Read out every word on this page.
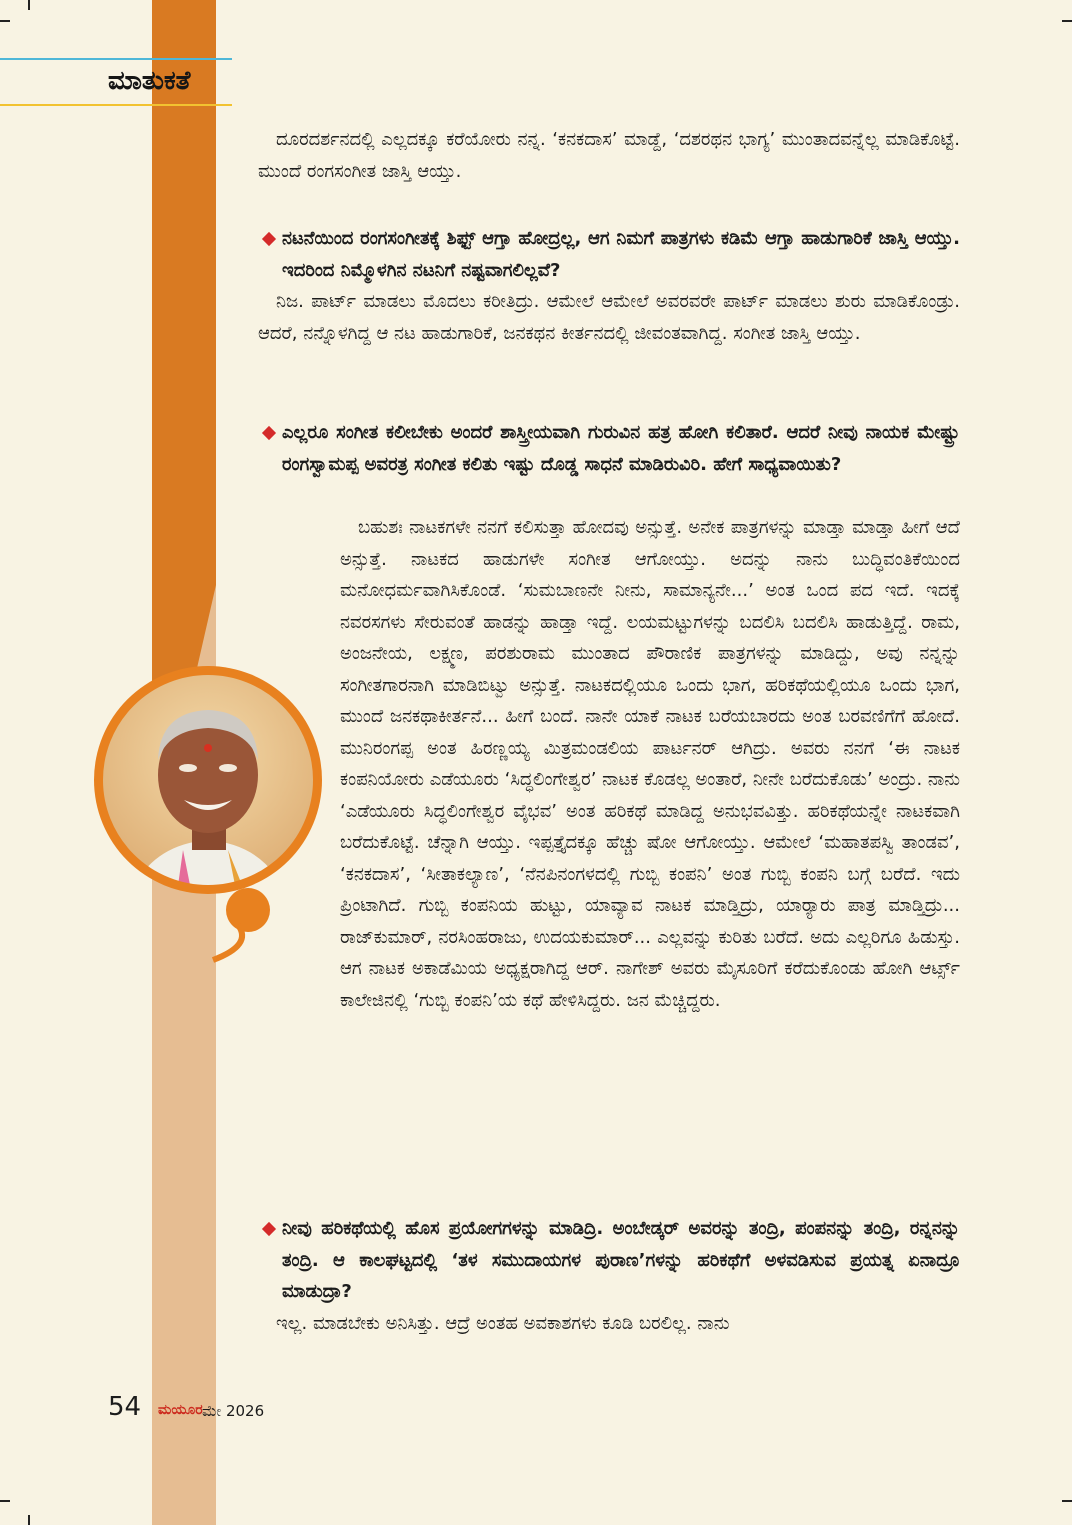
ಮಾತುಕತೆ

ದೂರದರ್ಶನದಲ್ಲಿ ಎಲ್ಲದಕ್ಕೂ ಕರೆಯೋರು ನನ್ನ. ‘ಕನಕದಾಸ’ ಮಾಡ್ದೆ, ‘ದಶರಥನ ಭಾಗ್ಯ’ ಮುಂತಾದವನ್ನೆಲ್ಲ ಮಾಡಿಕೊಟ್ಟೆ. ಮುಂದೆ ರಂಗಸಂಗೀತ ಜಾಸ್ತಿ ಆಯ್ತು.

ನಟನೆಯಿಂದ ರಂಗಸಂಗೀತಕ್ಕೆ ಶಿಫ್ಟ್ ಆಗ್ತಾ ಹೋದ್ರಲ್ಲ, ಆಗ ನಿಮಗೆ ಪಾತ್ರಗಳು ಕಡಿಮೆ ಆಗ್ತಾ ಹಾಡುಗಾರಿಕೆ ಜಾಸ್ತಿ ಆಯ್ತು. ಇದರಿಂದ ನಿಮ್ಮೊಳಗಿನ ನಟನಿಗೆ ನಷ್ಟವಾಗಲಿಲ್ಲವೆ?

ನಿಜ. ಪಾರ್ಟ್ ಮಾಡಲು ಮೊದಲು ಕರೀತಿದ್ರು. ಆಮೇಲೆ ಆಮೇಲೆ ಅವರವರೇ ಪಾರ್ಟ್ ಮಾಡಲು ಶುರು ಮಾಡಿಕೊಂಡ್ರು. ಆದರೆ, ನನ್ನೊಳಗಿದ್ದ ಆ ನಟ ಹಾಡುಗಾರಿಕೆ, ಜನಕಥನ ಕೀರ್ತನದಲ್ಲಿ ಜೀವಂತವಾಗಿದ್ದ. ಸಂಗೀತ ಜಾಸ್ತಿ ಆಯ್ತು.

ಎಲ್ಲರೂ ಸಂಗೀತ ಕಲೀಬೇಕು ಅಂದರೆ ಶಾಸ್ತ್ರೀಯವಾಗಿ ಗುರುವಿನ ಹತ್ರ ಹೋಗಿ ಕಲಿತಾರೆ. ಆದರೆ ನೀವು ನಾಯಕ ಮೇಷ್ಟ್ರು ರಂಗಸ್ವಾಮಪ್ಪ ಅವರತ್ರ ಸಂಗೀತ ಕಲಿತು ಇಷ್ಟು ದೊಡ್ಡ ಸಾಧನೆ ಮಾಡಿರುವಿರಿ. ಹೇಗೆ ಸಾಧ್ಯವಾಯಿತು?

ಬಹುಶಃ ನಾಟಕಗಳೇ ನನಗೆ ಕಲಿಸುತ್ತಾ ಹೋದವು ಅನ್ಸುತ್ತೆ. ಅನೇಕ ಪಾತ್ರಗಳನ್ನು ಮಾಡ್ತಾ ಮಾಡ್ತಾ ಹೀಗೆ ಆದೆ ಅನ್ಸುತ್ತೆ. ನಾಟಕದ ಹಾಡುಗಳೇ ಸಂಗೀತ ಆಗೋಯ್ತು. ಅದನ್ನು ನಾನು ಬುದ್ಧಿವಂತಿಕೆಯಿಂದ ಮನೋಧರ್ಮವಾಗಿಸಿಕೊಂಡೆ. ‘ಸುಮಬಾಣನೇ ನೀನು, ಸಾಮಾನ್ಯನೇ...’ ಅಂತ ಒಂದ ಪದ ಇದೆ. ಇದಕ್ಕೆ ನವರಸಗಳು ಸೇರುವಂತೆ ಹಾಡನ್ನು ಹಾಡ್ತಾ ಇದ್ದೆ. ಲಯಮಟ್ಟುಗಳನ್ನು ಬದಲಿಸಿ ಬದಲಿಸಿ ಹಾಡುತ್ತಿದ್ದೆ. ರಾಮ, ಅಂಜನೇಯ, ಲಕ್ಷ್ಮಣ, ಪರಶುರಾಮ ಮುಂತಾದ ಪೌರಾಣಿಕ ಪಾತ್ರಗಳನ್ನು ಮಾಡಿದ್ದು, ಅವು ನನ್ನನ್ನು ಸಂಗೀತಗಾರನಾಗಿ ಮಾಡಿಬಿಟ್ವು ಅನ್ಸುತ್ತೆ. ನಾಟಕದಲ್ಲಿಯೂ ಒಂದು ಭಾಗ, ಹರಿಕಥೆಯಲ್ಲಿಯೂ ಒಂದು ಭಾಗ, ಮುಂದೆ ಜನಕಥಾಕೀರ್ತನೆ... ಹೀಗೆ ಬಂದೆ. ನಾನೇ ಯಾಕೆ ನಾಟಕ ಬರೆಯಬಾರದು ಅಂತ ಬರವಣಿಗೆಗೆ ಹೋದೆ. ಮುನಿರಂಗಪ್ಪ ಅಂತ ಹಿರಣ್ಣಯ್ಯ ಮಿತ್ರಮಂಡಲಿಯ ಪಾರ್ಟನರ್ ಆಗಿದ್ರು. ಅವರು ನನಗೆ ‘ಈ ನಾಟಕ ಕಂಪನಿಯೋರು ಎಡೆಯೂರು ‘ಸಿದ್ಧಲಿಂಗೇಶ್ವರ’ ನಾಟಕ ಕೊಡಲ್ಲ ಅಂತಾರೆ, ನೀನೇ ಬರೆದುಕೊಡು’ ಅಂದ್ರು. ನಾನು ‘ಎಡೆಯೂರು ಸಿದ್ಧಲಿಂಗೇಶ್ವರ ವೈಭವ’ ಅಂತ ಹರಿಕಥೆ ಮಾಡಿದ್ದ ಅನುಭವವಿತ್ತು. ಹರಿಕಥೆಯನ್ನೇ ನಾಟಕವಾಗಿ ಬರೆದುಕೊಟ್ಟೆ. ಚೆನ್ನಾಗಿ ಆಯ್ತು. ಇಪ್ಪತ್ತೈದಕ್ಕೂ ಹೆಚ್ಚು ಷೋ ಆಗೋಯ್ತು. ಆಮೇಲೆ ‘ಮಹಾತಪಸ್ವಿ ತಾಂಡವ’, ‘ಕನಕದಾಸ’, ‘ಸೀತಾಕಲ್ಯಾಣ’, ‘ನೆನಪಿನಂಗಳದಲ್ಲಿ ಗುಬ್ಬಿ ಕಂಪನಿ’ ಅಂತ ಗುಬ್ಬಿ ಕಂಪನಿ ಬಗ್ಗೆ ಬರೆದೆ. ಇದು ಪ್ರಿಂಟಾಗಿದೆ. ಗುಬ್ಬಿ ಕಂಪನಿಯ ಹುಟ್ಟು, ಯಾವ್ಯಾವ ನಾಟಕ ಮಾಡ್ತಿದ್ರು, ಯಾರ‍್ಯಾರು ಪಾತ್ರ ಮಾಡ್ತಿದ್ರು... ರಾಜ್‌ಕುಮಾರ್, ನರಸಿಂಹರಾಜು, ಉದಯಕುಮಾರ್... ಎಲ್ಲವನ್ನು ಕುರಿತು ಬರೆದೆ. ಅದು ಎಲ್ಲರಿಗೂ ಹಿಡುಸ್ತು. ಆಗ ನಾಟಕ ಅಕಾಡೆಮಿಯ ಅಧ್ಯಕ್ಷರಾಗಿದ್ದ ಆರ್. ನಾಗೇಶ್ ಅವರು ಮೈಸೂರಿಗೆ ಕರೆದುಕೊಂಡು ಹೋಗಿ ಆರ್ಟ್ಸ್ ಕಾಲೇಜಿನಲ್ಲಿ ‘ಗುಬ್ಬಿ ಕಂಪನಿ’ಯ ಕಥೆ ಹೇಳಿಸಿದ್ದರು. ಜನ ಮೆಚ್ಚಿದ್ದರು.

ನೀವು ಹರಿಕಥೆಯಲ್ಲಿ ಹೊಸ ಪ್ರಯೋಗಗಳನ್ನು ಮಾಡಿದ್ರಿ. ಅಂಬೇಡ್ಕರ್ ಅವರನ್ನು ತಂದ್ರಿ, ಪಂಪನನ್ನು ತಂದ್ರಿ, ರನ್ನನನ್ನು ತಂದ್ರಿ. ಆ ಕಾಲಘಟ್ಟದಲ್ಲಿ ‘ತಳ ಸಮುದಾಯಗಳ ಪುರಾಣ’ಗಳನ್ನು ಹರಿಕಥೆಗೆ ಅಳವಡಿಸುವ ಪ್ರಯತ್ನ ಏನಾದ್ರೂ ಮಾಡುದ್ರಾ?

ಇಲ್ಲ. ಮಾಡಬೇಕು ಅನಿಸಿತ್ತು. ಆದ್ರೆ ಅಂತಹ ಅವಕಾಶಗಳು ಕೂಡಿ ಬರಲಿಲ್ಲ. ನಾನು

54 ಮಯೂರ ಮೇ 2026
